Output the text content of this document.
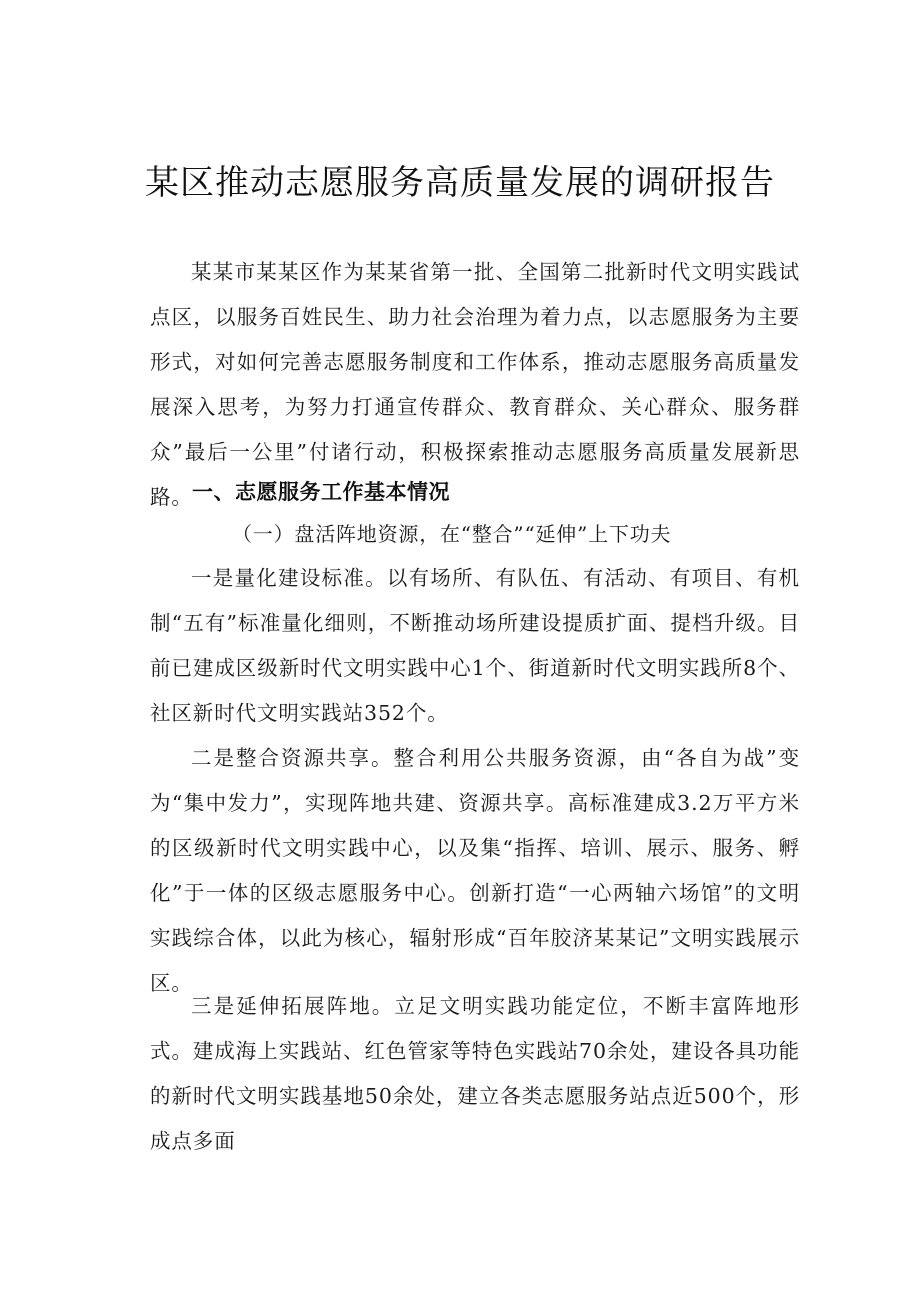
某区推动志愿服务高质量发展的调研报告

某某市某某区作为某某省第一批、全国第二批新时代文明实践试点区，以服务百姓民生、助力社会治理为着力点，以志愿服务为主要形式，对如何完善志愿服务制度和工作体系，推动志愿服务高质量发展深入思考，为努力打通宣传群众、教育群众、关心群众、服务群众”最后一公里”付诸行动，积极探索推动志愿服务高质量发展新思路。 一、志愿服务工作基本情况
（一）盘活阵地资源，在“整合”“延伸”上下功夫

一是量化建设标准。以有场所、有队伍、有活动、有项目、有机制“五有”标准量化细则，不断推动场所建设提质扩面、提档升级。目前已建成区级新时代文明实践中心1个、街道新时代文明实践所8个、社区新时代文明实践站352个。

二是整合资源共享。整合利用公共服务资源，由“各自为战”变为“集中发力”，实现阵地共建、资源共享。高标准建成3.2万平方米的区级新时代文明实践中心，以及集“指挥、培训、展示、服务、孵化”于一体的区级志愿服务中心。创新打造“一心两轴六场馆”的文明实践综合体，以此为核心，辐射形成“百年胶济某某记”文明实践展示区。

三是延伸拓展阵地。立足文明实践功能定位，不断丰富阵地形式。建成海上实践站、红色管家等特色实践站70余处，建设各具功能的新时代文明实践基地50余处，建立各类志愿服务站点近500个，形成点多面
